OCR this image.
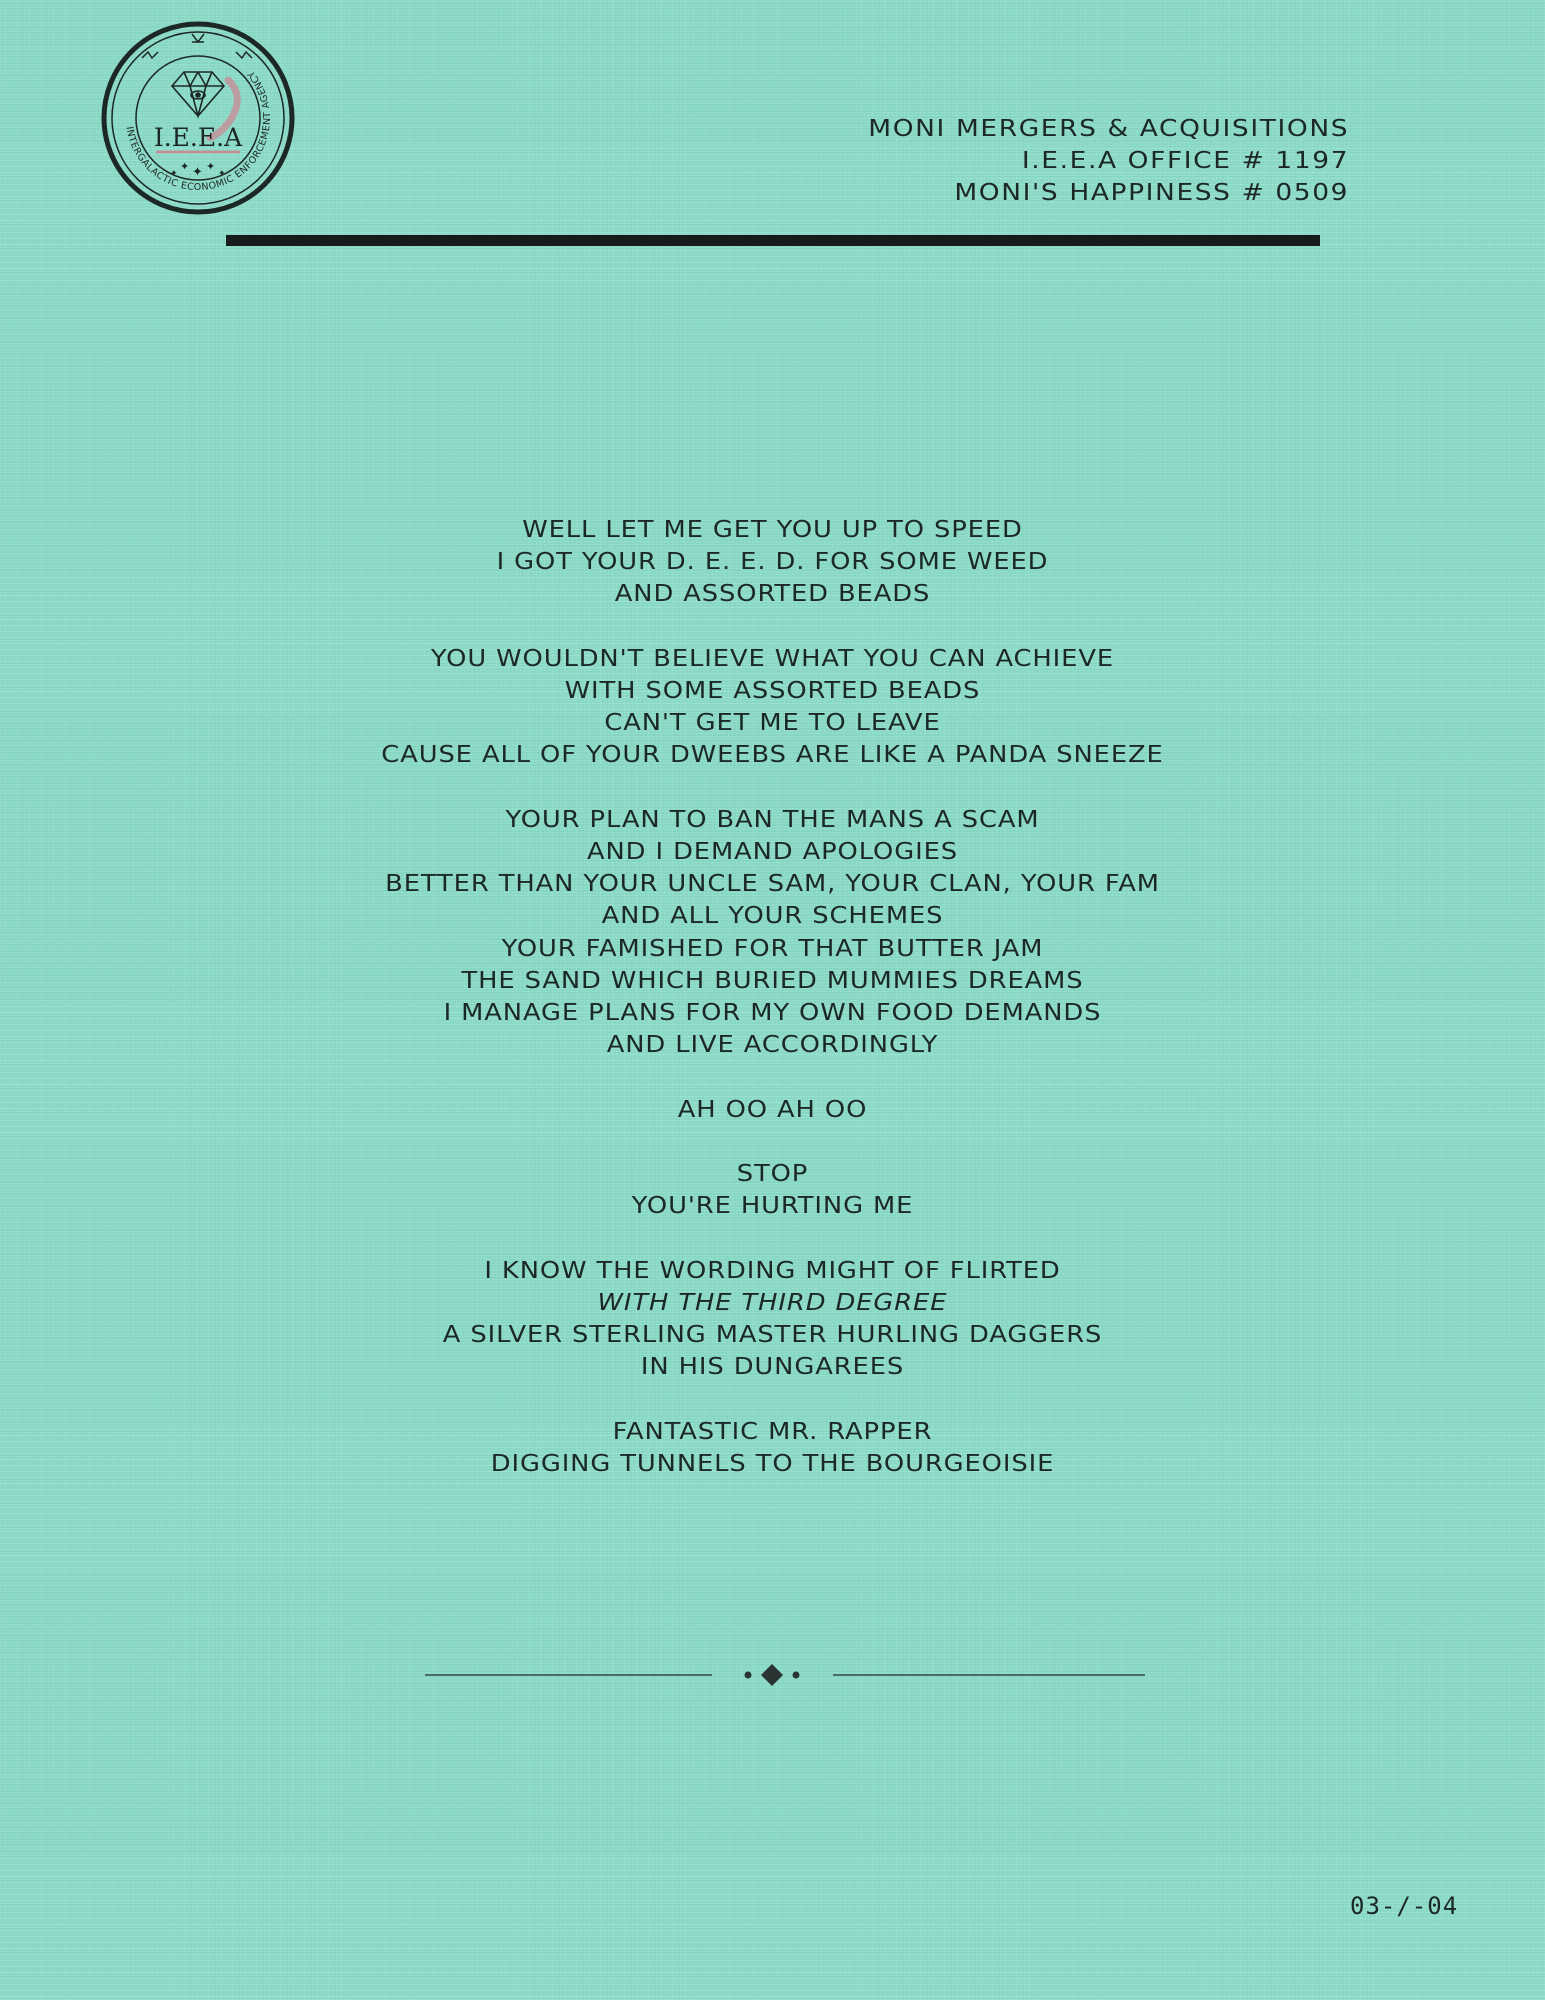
INTERGALACTIC ECONOMIC ENFORCEMENT AGENCY
I.E.E.A
✦ ✦ ✦
✦
✦
MONI MERGERS & ACQUISITIONS
I.E.E.A OFFICE # 1197
MONI'S HAPPINESS # 0509
WELL LET ME GET YOU UP TO SPEED
I GOT YOUR D. E. E. D. FOR SOME WEED
AND ASSORTED BEADS
YOU WOULDN'T BELIEVE WHAT YOU CAN ACHIEVE
WITH SOME ASSORTED BEADS
CAN'T GET ME TO LEAVE
CAUSE ALL OF YOUR DWEEBS ARE LIKE A PANDA SNEEZE
YOUR PLAN TO BAN THE MANS A SCAM
AND I DEMAND APOLOGIES
BETTER THAN YOUR UNCLE SAM, YOUR CLAN, YOUR FAM
AND ALL YOUR SCHEMES
YOUR FAMISHED FOR THAT BUTTER JAM
THE SAND WHICH BURIED MUMMIES DREAMS
I MANAGE PLANS FOR MY OWN FOOD DEMANDS
AND LIVE ACCORDINGLY
AH OO AH OO
STOP
YOU'RE HURTING ME
I KNOW THE WORDING MIGHT OF FLIRTED
WITH THE THIRD DEGREE
A SILVER STERLING MASTER HURLING DAGGERS
IN HIS DUNGAREES
FANTASTIC MR. RAPPER
DIGGING TUNNELS TO THE BOURGEOISIE
03-/-04
